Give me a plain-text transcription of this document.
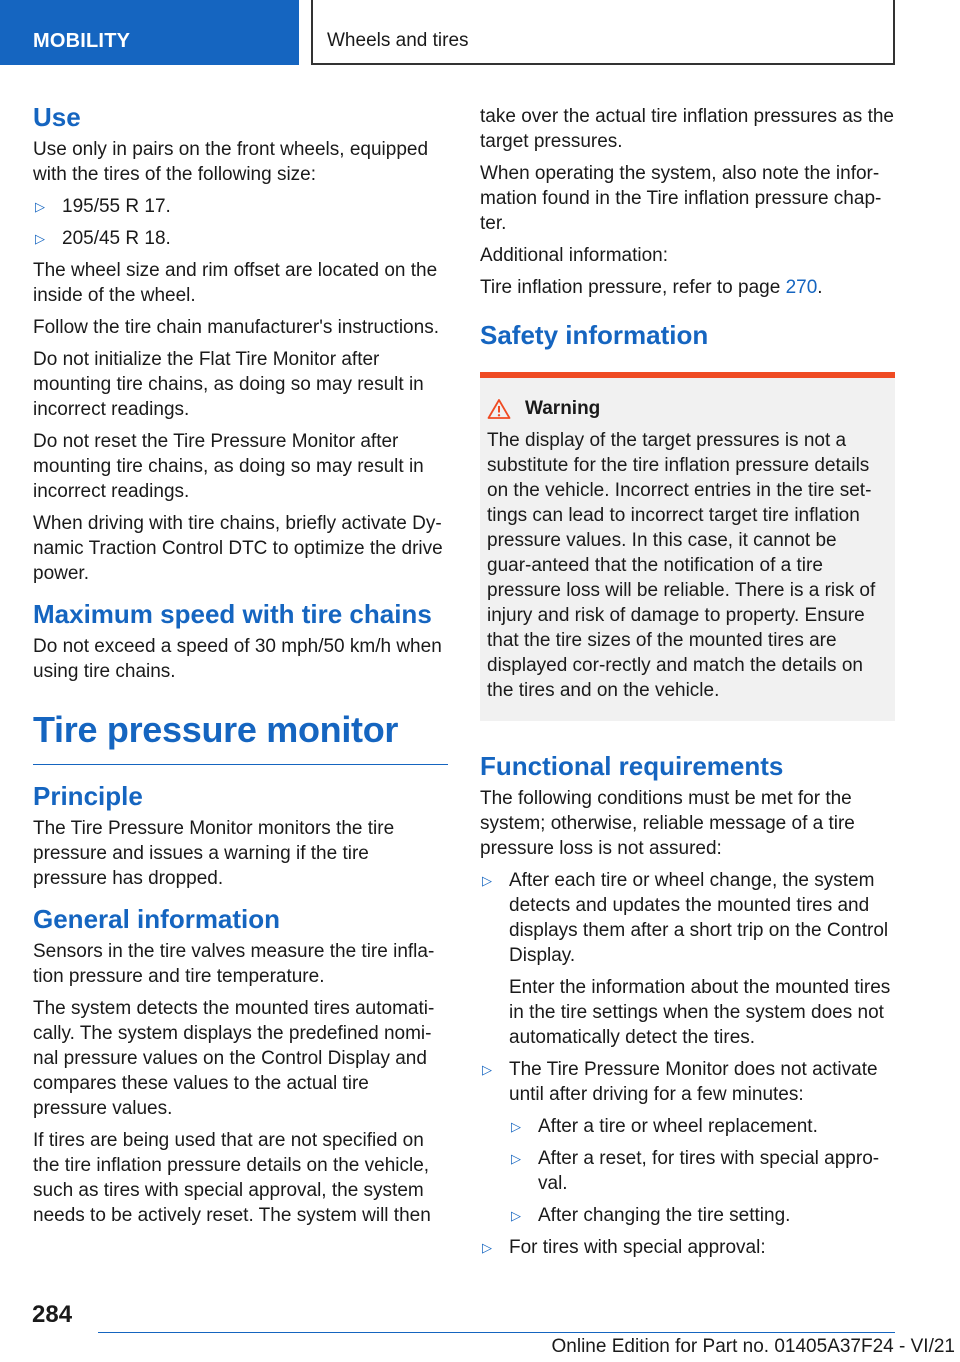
MOBILITY	Wheels and tires
Use

Use only in pairs on the front wheels, equipped with the tires of the following size:

▷ 195/55 R 17.
▷ 205/45 R 18.

The wheel size and rim offset are located on the inside of the wheel.

Follow the tire chain manufacturer's instructions.

Do not initialize the Flat Tire Monitor after mounting tire chains, as doing so may result in incorrect readings.

Do not reset the Tire Pressure Monitor after mounting tire chains, as doing so may result in incorrect readings.

When driving with tire chains, briefly activate Dy-namic Traction Control DTC to optimize the drive power.

Maximum speed with tire chains

Do not exceed a speed of 30 mph/50 km/h when using tire chains.

Tire pressure monitor
Principle

The Tire Pressure Monitor monitors the tire pressure and issues a warning if the tire pressure has dropped.

General information

Sensors in the tire valves measure the tire infla-tion pressure and tire temperature.

The system detects the mounted tires automati-cally. The system displays the predefined nomi-nal pressure values on the Control Display and compares these values to the actual tire pressure values.

If tires are being used that are not specified on the tire inflation pressure details on the vehicle, such as tires with special approval, the system needs to be actively reset. The system will then

take over the actual tire inflation pressures as the target pressures.

When operating the system, also note the infor-mation found in the Tire inflation pressure chap-ter.

Additional information:

Tire inflation pressure, refer to page 270.

Safety information
Warning

The display of the target pressures is not a substitute for the tire inflation pressure details on the vehicle. Incorrect entries in the tire set-tings can lead to incorrect target tire inflation pressure values. In this case, it cannot be guar-anteed that the notification of a tire pressure loss will be reliable. There is a risk of injury and risk of damage to property. Ensure that the tire sizes of the mounted tires are displayed cor-rectly and match the details on the tires and on the vehicle.

Functional requirements

The following conditions must be met for the system; otherwise, reliable message of a tire pressure loss is not assured:

▷ After each tire or wheel change, the system detects and updates the mounted tires and displays them after a short trip on the Control Display.

Enter the information about the mounted tires in the tire settings when the system does not automatically detect the tires.

▷ The Tire Pressure Monitor does not activate until after driving for a few minutes:
▷ After a tire or wheel replacement.
▷ After a reset, for tires with special appro-val.
▷ After changing the tire setting.
▷ For tires with special approval:
284
Online Edition for Part no. 01405A37F24 - VI/21
